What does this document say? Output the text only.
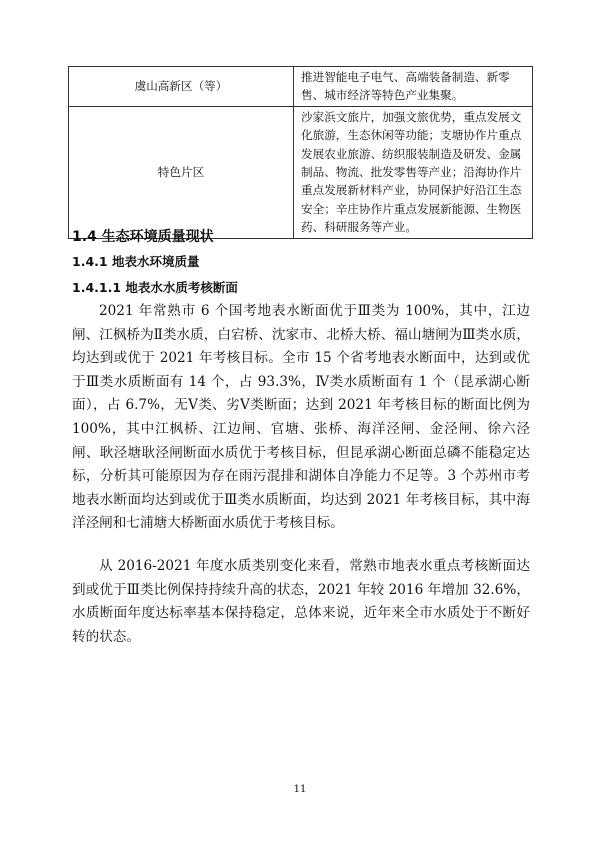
虞山高新区（等）	推进智能电子电气、高端装备制造、新零售、城市经济等特色产业集聚。
特色片区	沙家浜文旅片，加强文旅优势，重点发展文化旅游，生态休闲等功能；支塘协作片重点发展农业旅游、纺织服装制造及研发、金属制品、物流、批发零售等产业；沿海协作片重点发展新材料产业，协同保护好沿江生态安全；辛庄协作片重点发展新能源、生物医药、科研服务等产业。
1.4 生态环境质量现状
1.4.1 地表水环境质量
1.4.1.1 地表水水质考核断面

2021 年常熟市 6 个国考地表水断面优于Ⅲ类为 100%，其中，江边闸、江枫桥为Ⅱ类水质，白宕桥、沈家市、北桥大桥、福山塘闸为Ⅲ类水质，均达到或优于 2021 年考核目标。全市 15 个省考地表水断面中，达到或优于Ⅲ类水质断面有 14 个，占 93.3%，Ⅳ类水质断面有 1 个（昆承湖心断面），占 6.7%，无Ⅴ类、劣Ⅴ类断面；达到 2021 年考核目标的断面比例为 100%，其中江枫桥、江边闸、官塘、张桥、海洋泾闸、金泾闸、徐六泾闸、耿泾塘耿泾闸断面水质优于考核目标，但昆承湖心断面总磷不能稳定达标，分析其可能原因为存在雨污混排和湖体自净能力不足等。3 个苏州市考地表水断面均达到或优于Ⅲ类水质断面，均达到 2021 年考核目标，其中海洋泾闸和七浦塘大桥断面水质优于考核目标。

从 2016-2021 年度水质类别变化来看，常熟市地表水重点考核断面达到或优于Ⅲ类比例保持持续升高的状态，2021 年较 2016 年增加 32.6%，水质断面年度达标率基本保持稳定，总体来说，近年来全市水质处于不断好转的状态。

11
